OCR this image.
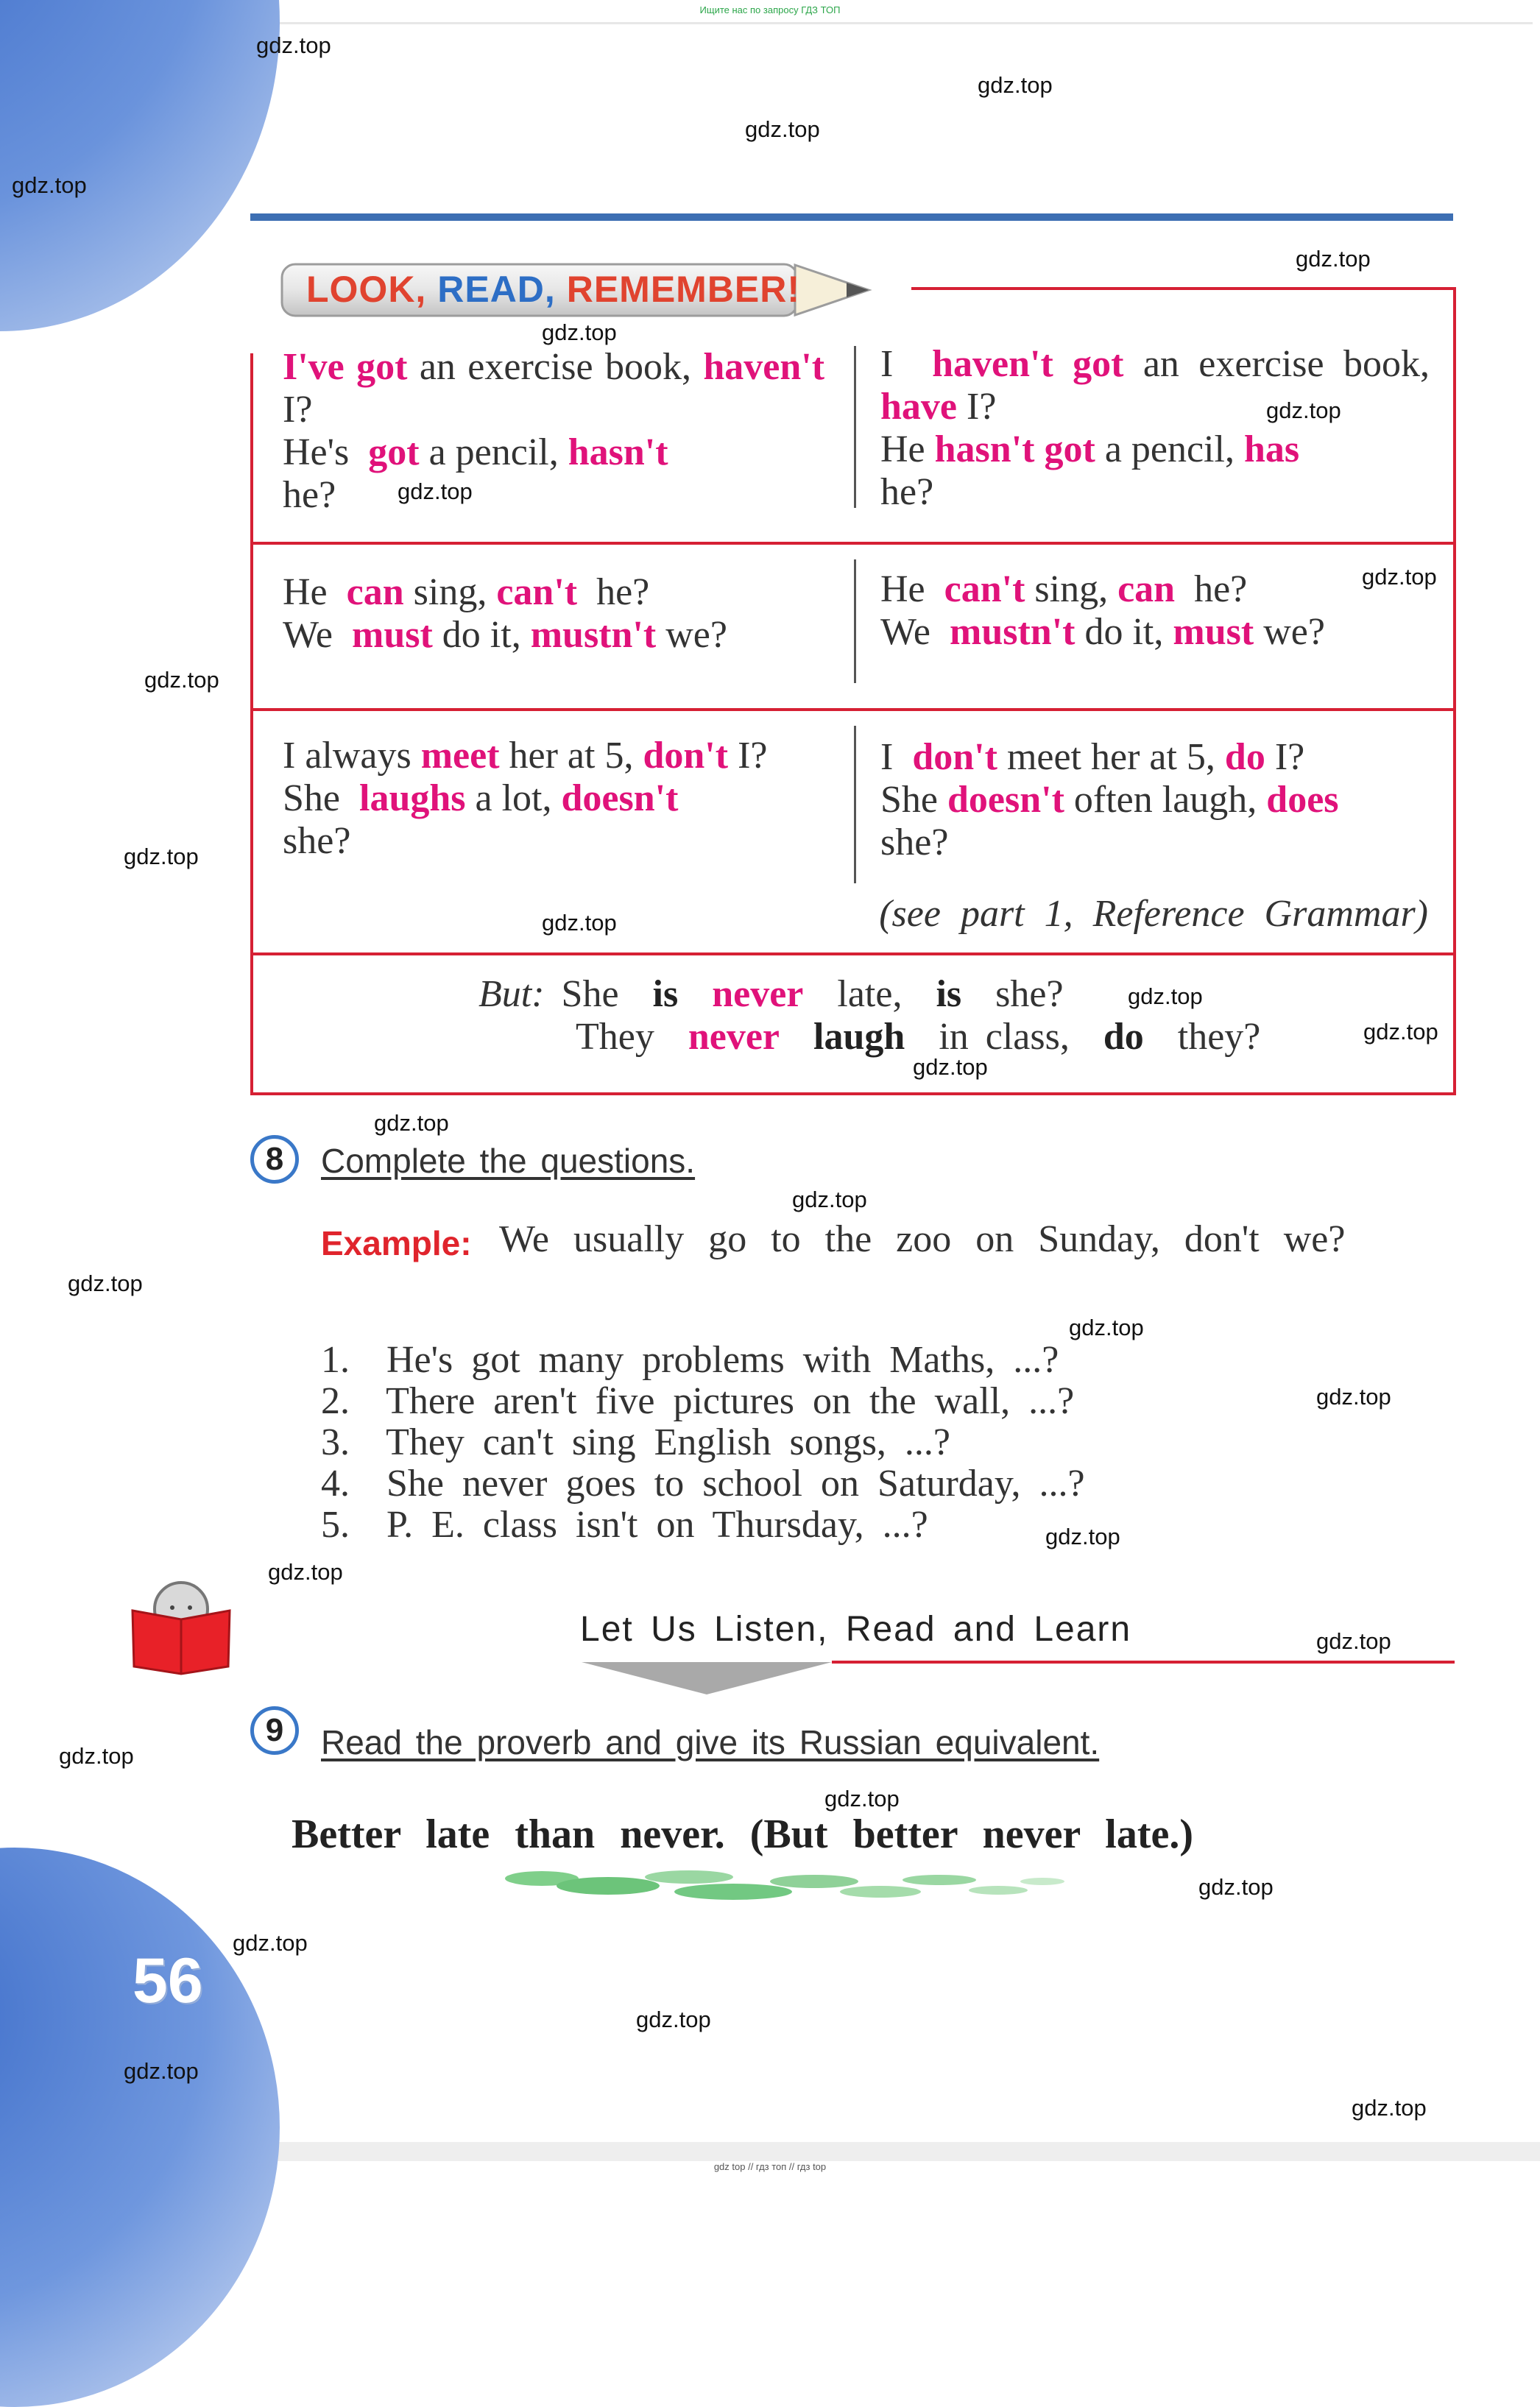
Ищите нас по запросу ГДЗ ТОП
gdz top // гдз топ // гдз top
LOOK, READ, REMEMBER!
I've got an exercise book, haven't I?
He's got a pencil, hasn't
he?
I haven't got an exercise book, have I?
He hasn't got a pencil, has
he?
He can sing, can't he?
We must do it, mustn't we?
He can't sing, can he?
We mustn't do it, must we?
I always meet her at 5, don't I?
She laughs a lot, doesn't
she?
I don't meet her at 5, do I?
She doesn't often laugh, does
she?
(see part 1, Reference Grammar)
But: She is never late, is she?
They never laugh in class, do they?
8	Complete the questions.
Example: We usually go to the zoo on Sunday, don't we?
1. He's got many problems with Maths, ...?
2. There aren't five pictures on the wall, ...?
3. They can't sing English songs, ...?
4. She never goes to school on Saturday, ...?
5. P. E. class isn't on Thursday, ...?
Let Us Listen, Read and Learn
9	Read the proverb and give its Russian equivalent.
Better late than never. (But better never late.)
56
gdz.top
gdz.top
gdz.top
gdz.top
gdz.top
gdz.top
gdz.top
gdz.top
gdz.top
gdz.top
gdz.top
gdz.top
gdz.top
gdz.top
gdz.top
gdz.top
gdz.top
gdz.top
gdz.top
gdz.top
gdz.top
gdz.top
gdz.top
gdz.top
gdz.top
gdz.top
gdz.top
gdz.top
gdz.top
gdz.top
